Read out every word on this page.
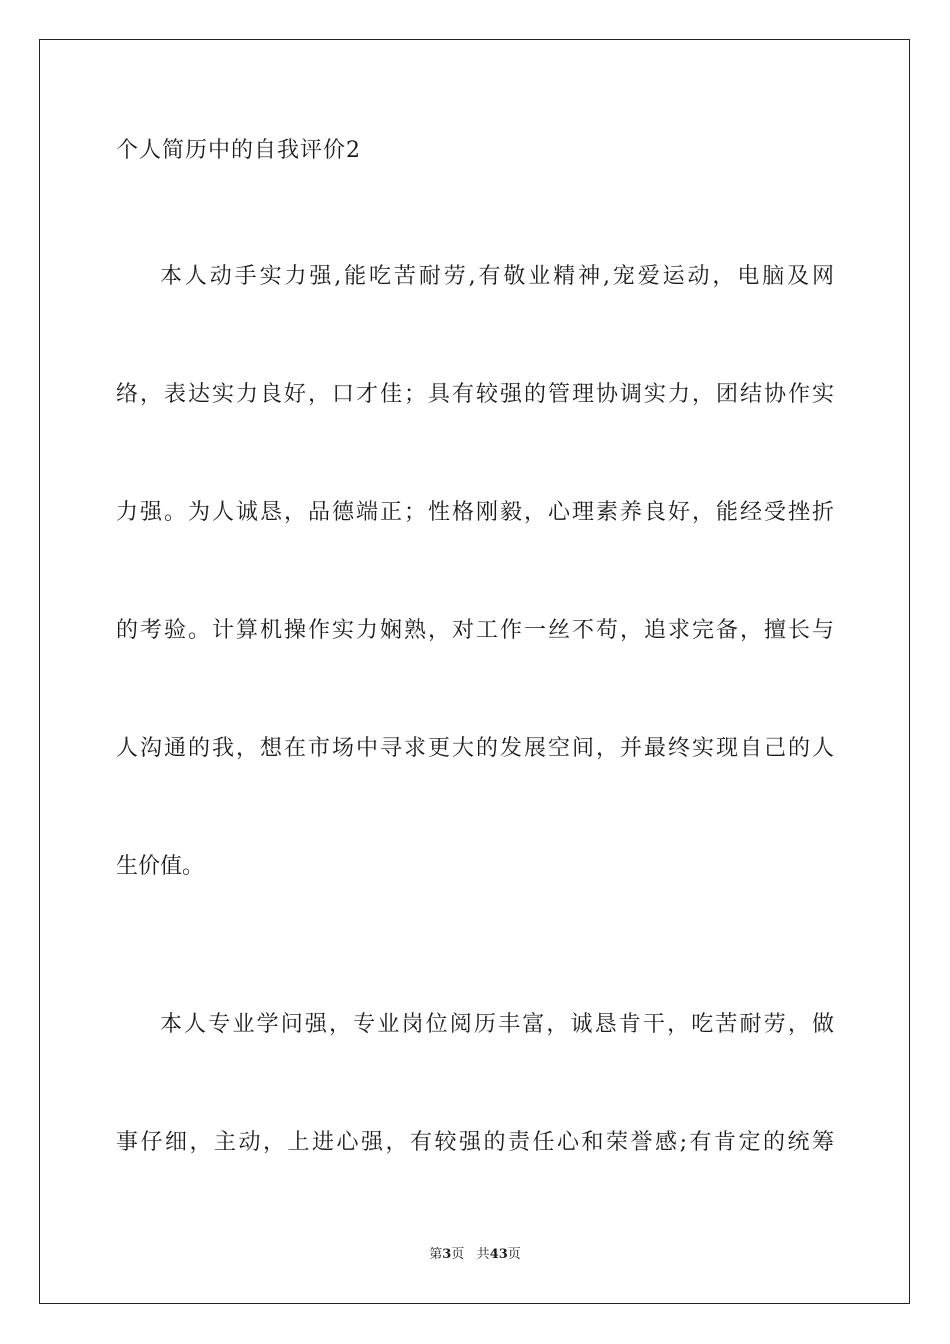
个人简历中的自我评价2
本人动手实力强,能吃苦耐劳,有敬业精神,宠爱运动，电脑及网
络，表达实力良好，口才佳；具有较强的管理协调实力，团结协作实
力强。为人诚恳，品德端正；性格刚毅，心理素养良好，能经受挫折
的考验。计算机操作实力娴熟，对工作一丝不苟，追求完备，擅长与
人沟通的我，想在市场中寻求更大的发展空间，并最终实现自己的人
生价值。
本人专业学问强，专业岗位阅历丰富，诚恳肯干，吃苦耐劳，做
事仔细，主动，上进心强，有较强的责任心和荣誉感;有肯定的统筹
第3页 共43页
